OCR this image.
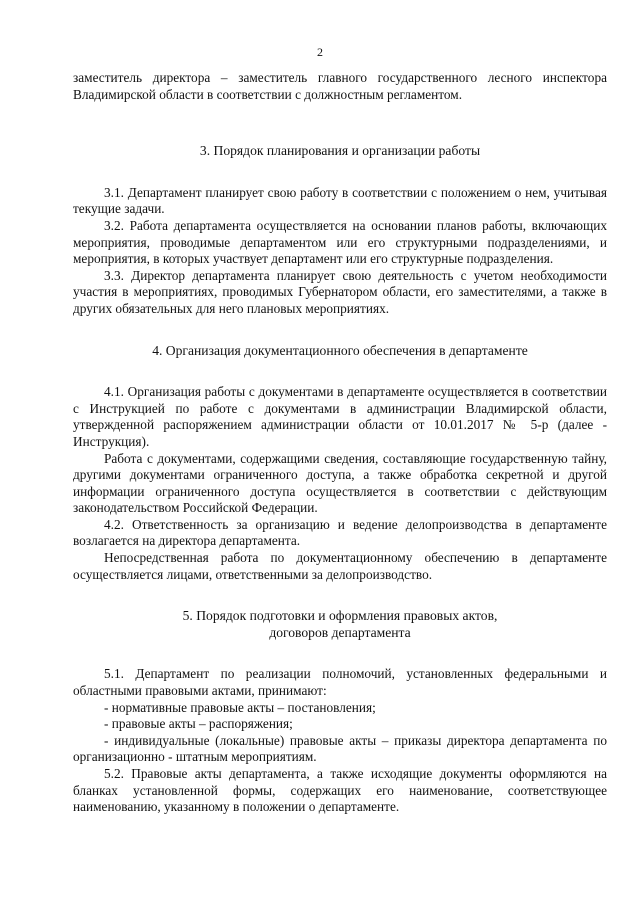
2

заместитель директора – заместитель главного государственного лесного инспектора Владимирской области в соответствии с должностным регламентом.

3. Порядок планирования и организации работы

3.1. Департамент планирует свою работу в соответствии с положением о нем, учитывая текущие задачи.

3.2. Работа департамента осуществляется на основании планов работы, включающих мероприятия, проводимые департаментом или его структурными подразделениями, и мероприятия, в которых участвует департамент или его структурные подразделения.

3.3. Директор департамента планирует свою деятельность с учетом необходимости участия в мероприятиях, проводимых Губернатором области, его заместителями, а также в других обязательных для него плановых мероприятиях.

4. Организация документационного обеспечения в департаменте

4.1. Организация работы с документами в департаменте осуществляется в соответствии с Инструкцией по работе с документами в администрации Владимирской области, утвержденной распоряжением администрации области от 10.01.2017 № 5-р (далее - Инструкция).

Работа с документами, содержащими сведения, составляющие государственную тайну, другими документами ограниченного доступа, а также обработка секретной и другой информации ограниченного доступа осуществляется в соответствии с действующим законодательством Российской Федерации.

4.2. Ответственность за организацию и ведение делопроизводства в департаменте возлагается на директора департамента.

Непосредственная работа по документационному обеспечению в департаменте осуществляется лицами, ответственными за делопроизводство.

5. Порядок подготовки и оформления правовых актов,

договоров департамента

5.1. Департамент по реализации полномочий, установленных федеральными и областными правовыми актами, принимают:

- нормативные правовые акты – постановления;

- правовые акты – распоряжения;

- индивидуальные (локальные) правовые акты – приказы директора департамента по организационно - штатным мероприятиям.

5.2. Правовые акты департамента, а также исходящие документы оформляются на бланках установленной формы, содержащих его наименование, соответствующее наименованию, указанному в положении о департаменте.
